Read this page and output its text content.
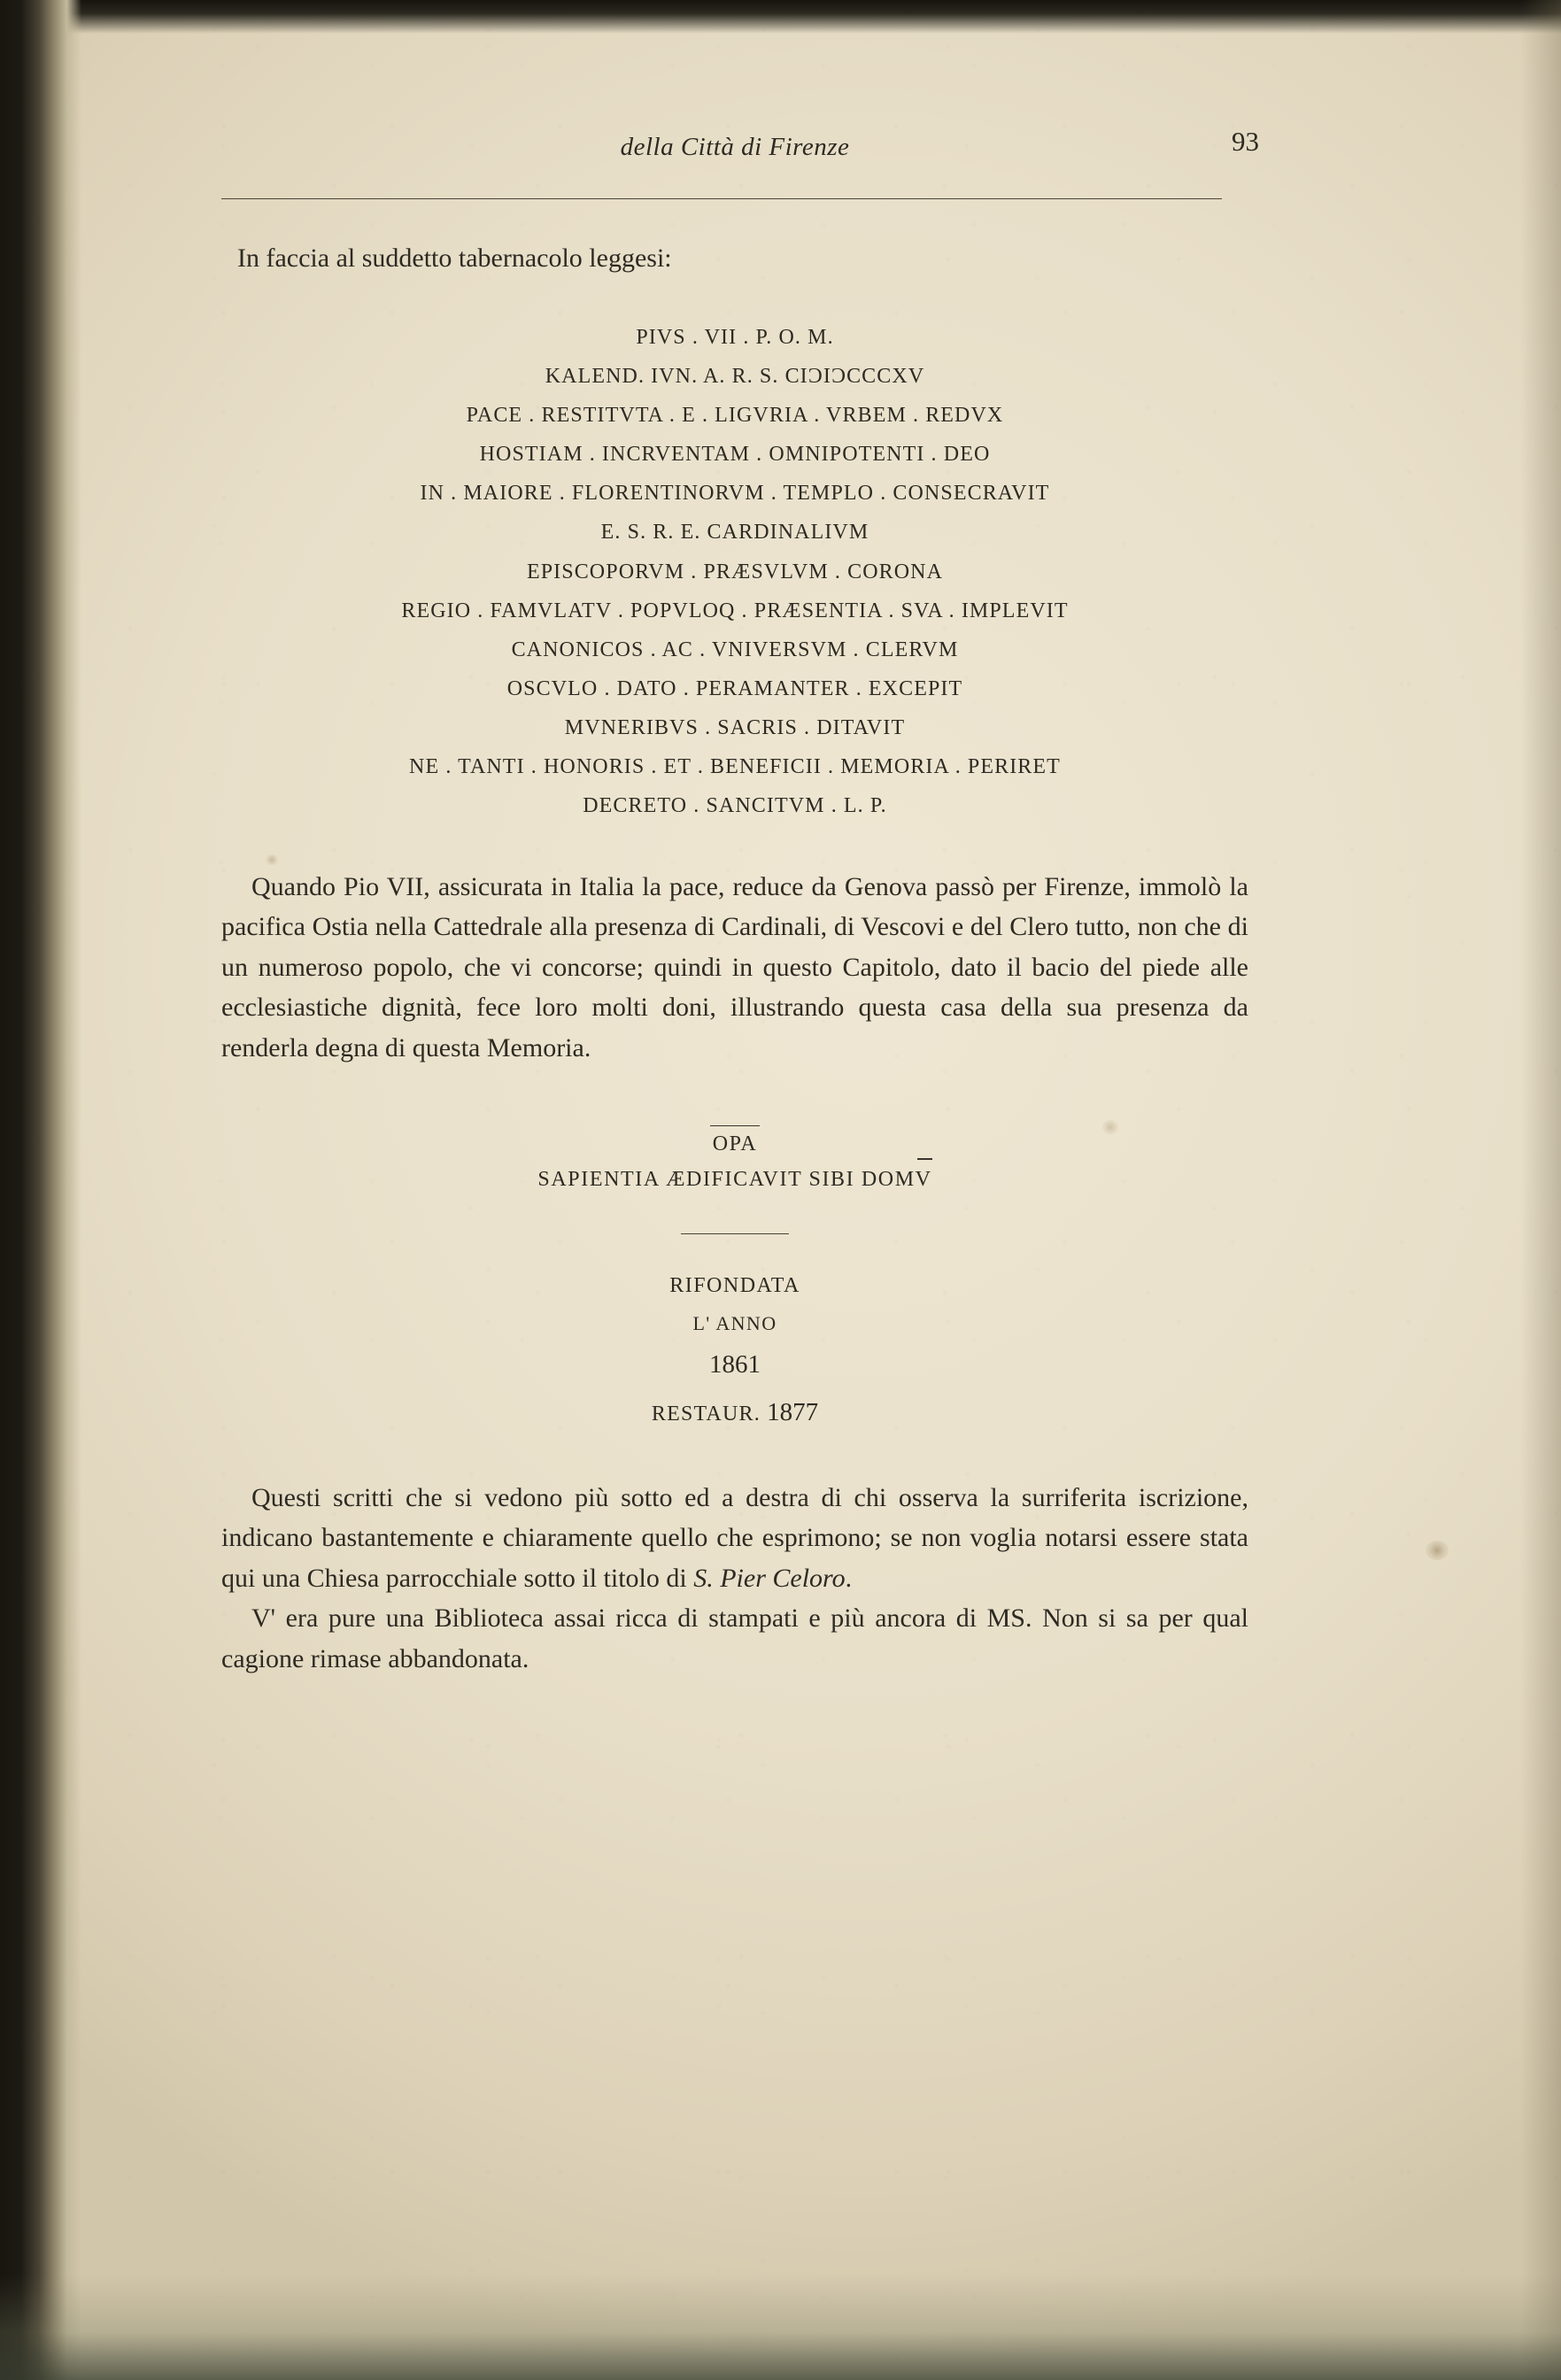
della Città di Firenze	93

In faccia al suddetto tabernacolo leggesi:

PIVS . VII . P. O. M.
KALEND. IVN. A. R. S. CIƆIƆCCCXV
PACE . RESTITVTA . E . LIGVRIA . VRBEM . REDVX
HOSTIAM . INCRVENTAM . OMNIPOTENTI . DEO
IN . MAIORE . FLORENTINORVM . TEMPLO . CONSECRAVIT
E. S. R. E. CARDINALIVM
EPISCOPORVM . PRÆSVLVM . CORONA
REGIO . FAMVLATV . POPVLOQ . PRÆSENTIA . SVA . IMPLEVIT
CANONICOS . AC . VNIVERSVM . CLERVM
OSCVLO . DATO . PERAMANTER . EXCEPIT
MVNERIBVS . SACRIS . DITAVIT
NE . TANTI . HONORIS . ET . BENEFICII . MEMORIA . PERIRET
DECRETO . SANCITVM . L. P.

Quando Pio VII, assicurata in Italia la pace, reduce da Genova passò per Firenze, immolò la pacifica Ostia nella Cattedrale alla presenza di Cardinali, di Vescovi e del Clero tutto, non che di un numeroso popolo, che vi concorse; quindi in questo Capitolo, dato il bacio del piede alle ecclesiastiche dignità, fece loro molti doni, illustrando questa casa della sua presenza da renderla degna di questa Memoria.

OPA
SAPIENTIA ÆDIFICAVIT SIBI DOMV
RIFONDATA
L' ANNO
1861
RESTAUR. 1877

Questi scritti che si vedono più sotto ed a destra di chi osserva la surriferita iscrizione, indicano bastantemente e chiaramente quello che esprimono; se non voglia notarsi essere stata qui una Chiesa parrocchiale sotto il titolo di S. Pier Celoro.

V' era pure una Biblioteca assai ricca di stampati e più ancora di MS. Non si sa per qual cagione rimase abbandonata.
